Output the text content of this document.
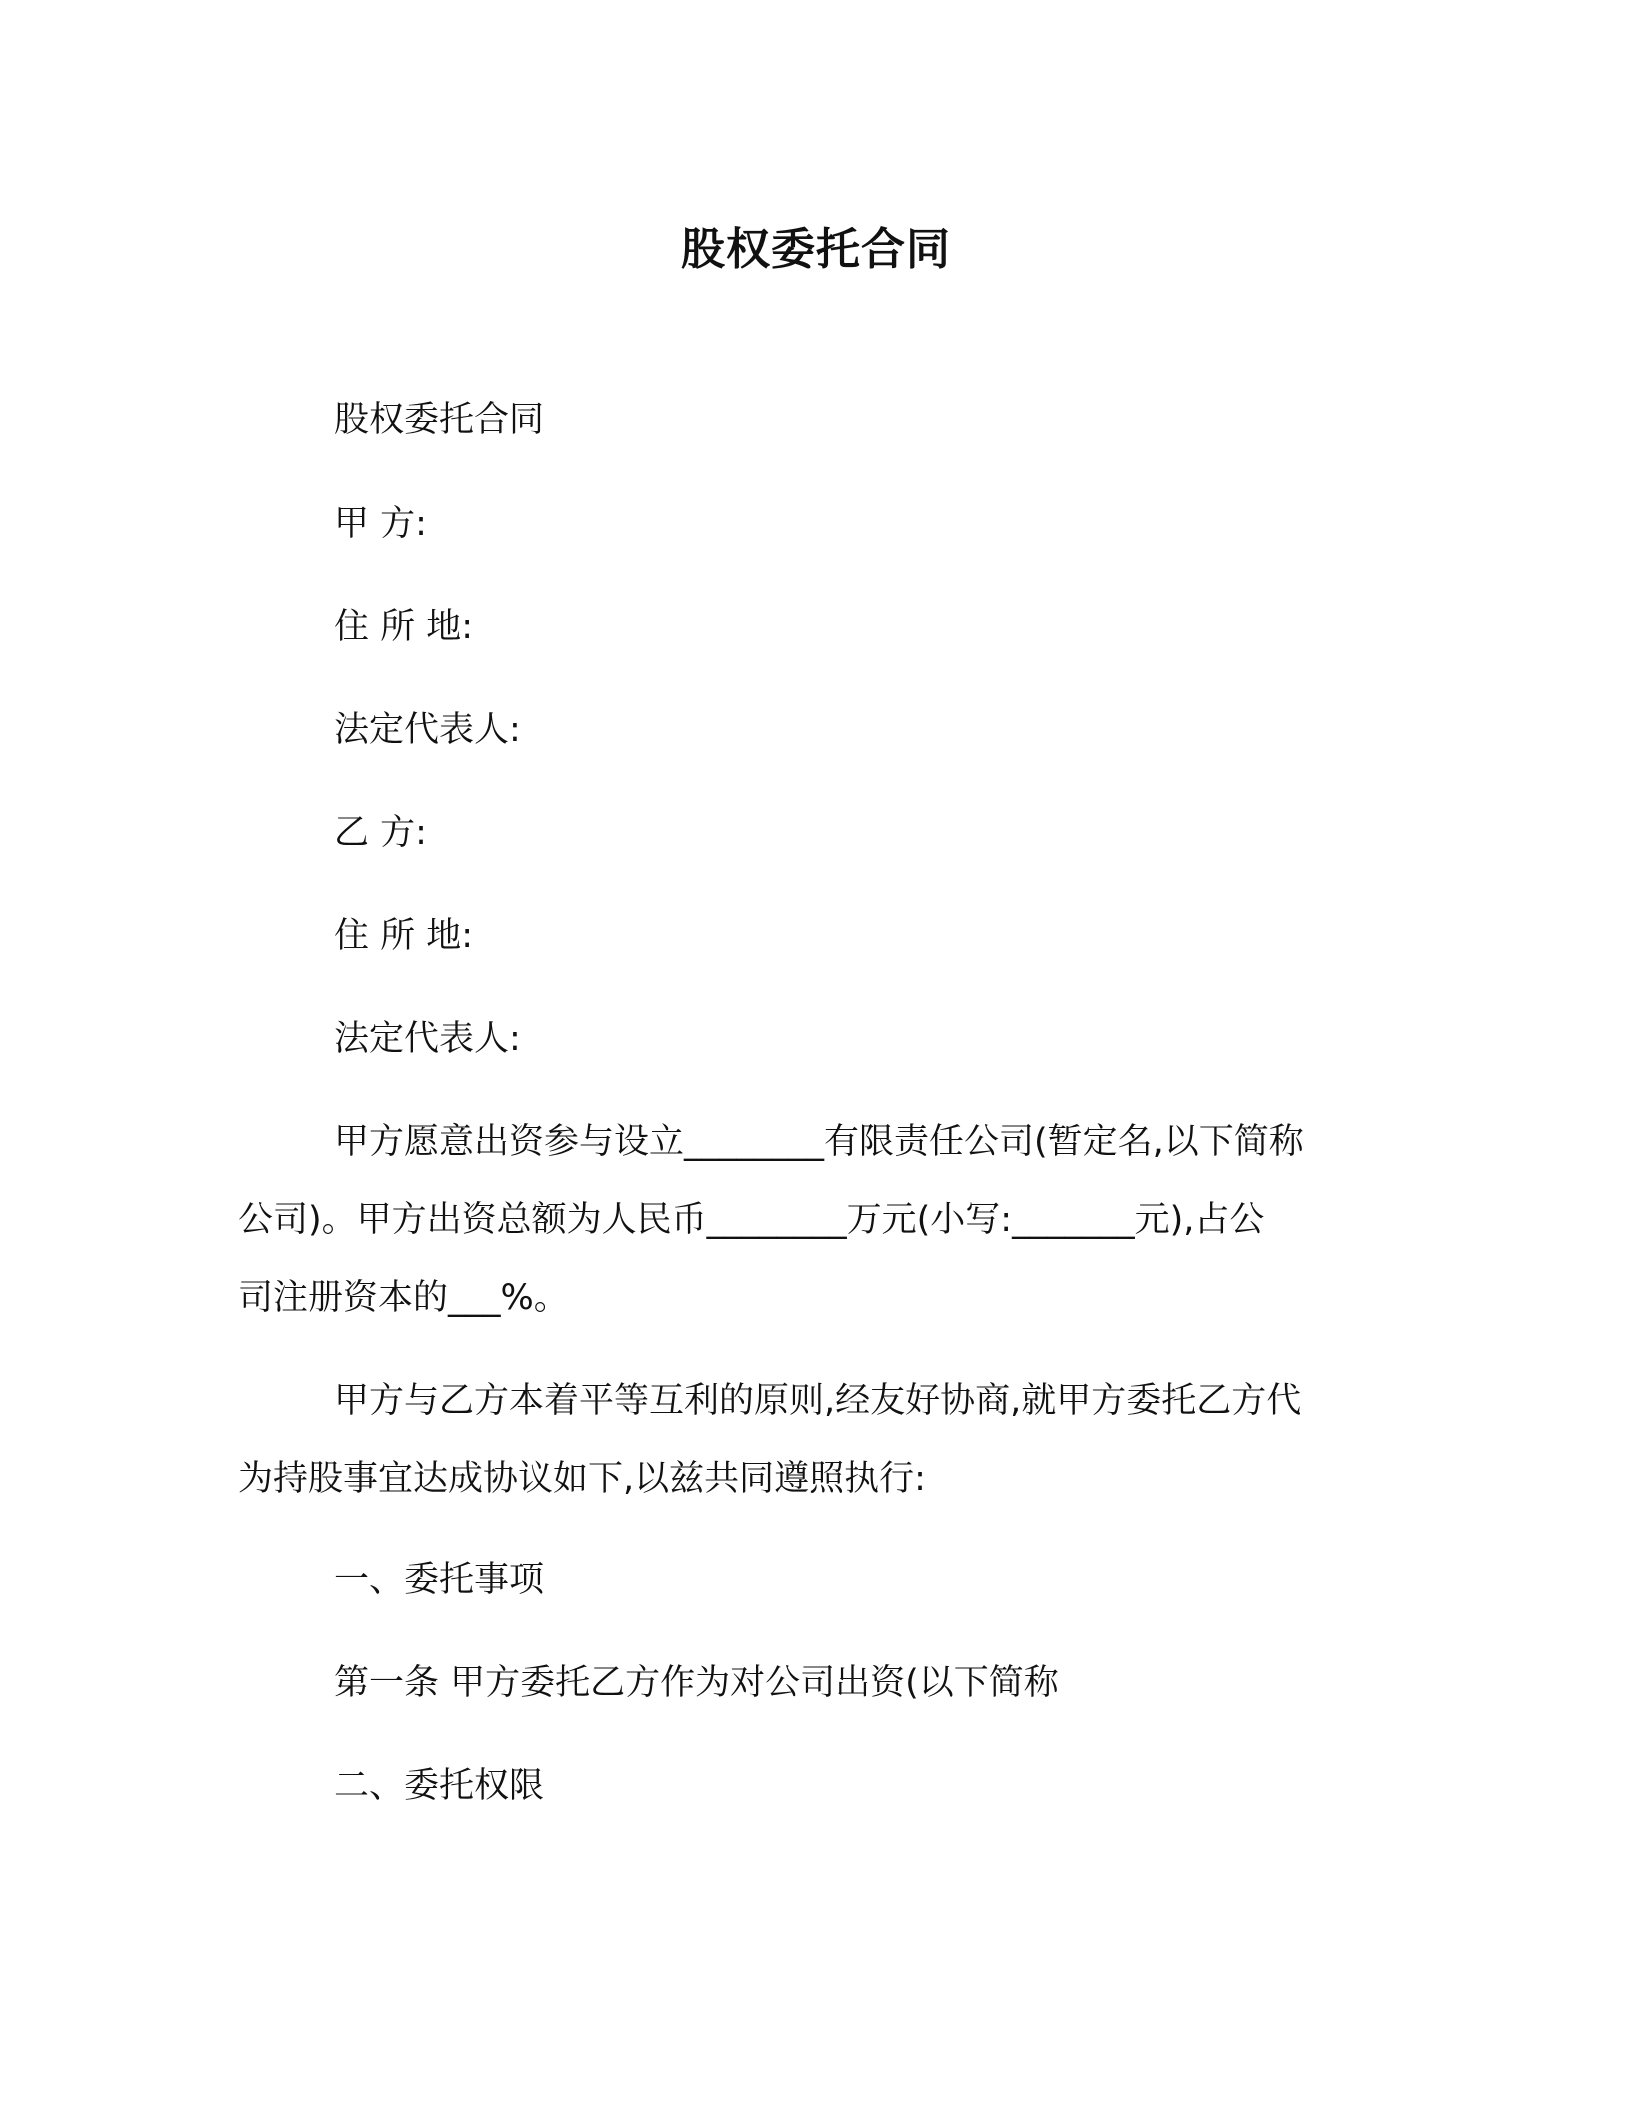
股权委托合同
股权委托合同
甲 方:
住 所 地:
法定代表人:
乙 方:
住 所 地:
法定代表人:
甲方愿意出资参与设立________有限责任公司(暂定名,以下简称
公司)。甲方出资总额为人民币________万元(小写:_______元),占公
司注册资本的___%。
甲方与乙方本着平等互利的原则,经友好协商,就甲方委托乙方代
为持股事宜达成协议如下,以兹共同遵照执行:
一、委托事项
第一条 甲方委托乙方作为对公司出资(以下简称
二、委托权限
